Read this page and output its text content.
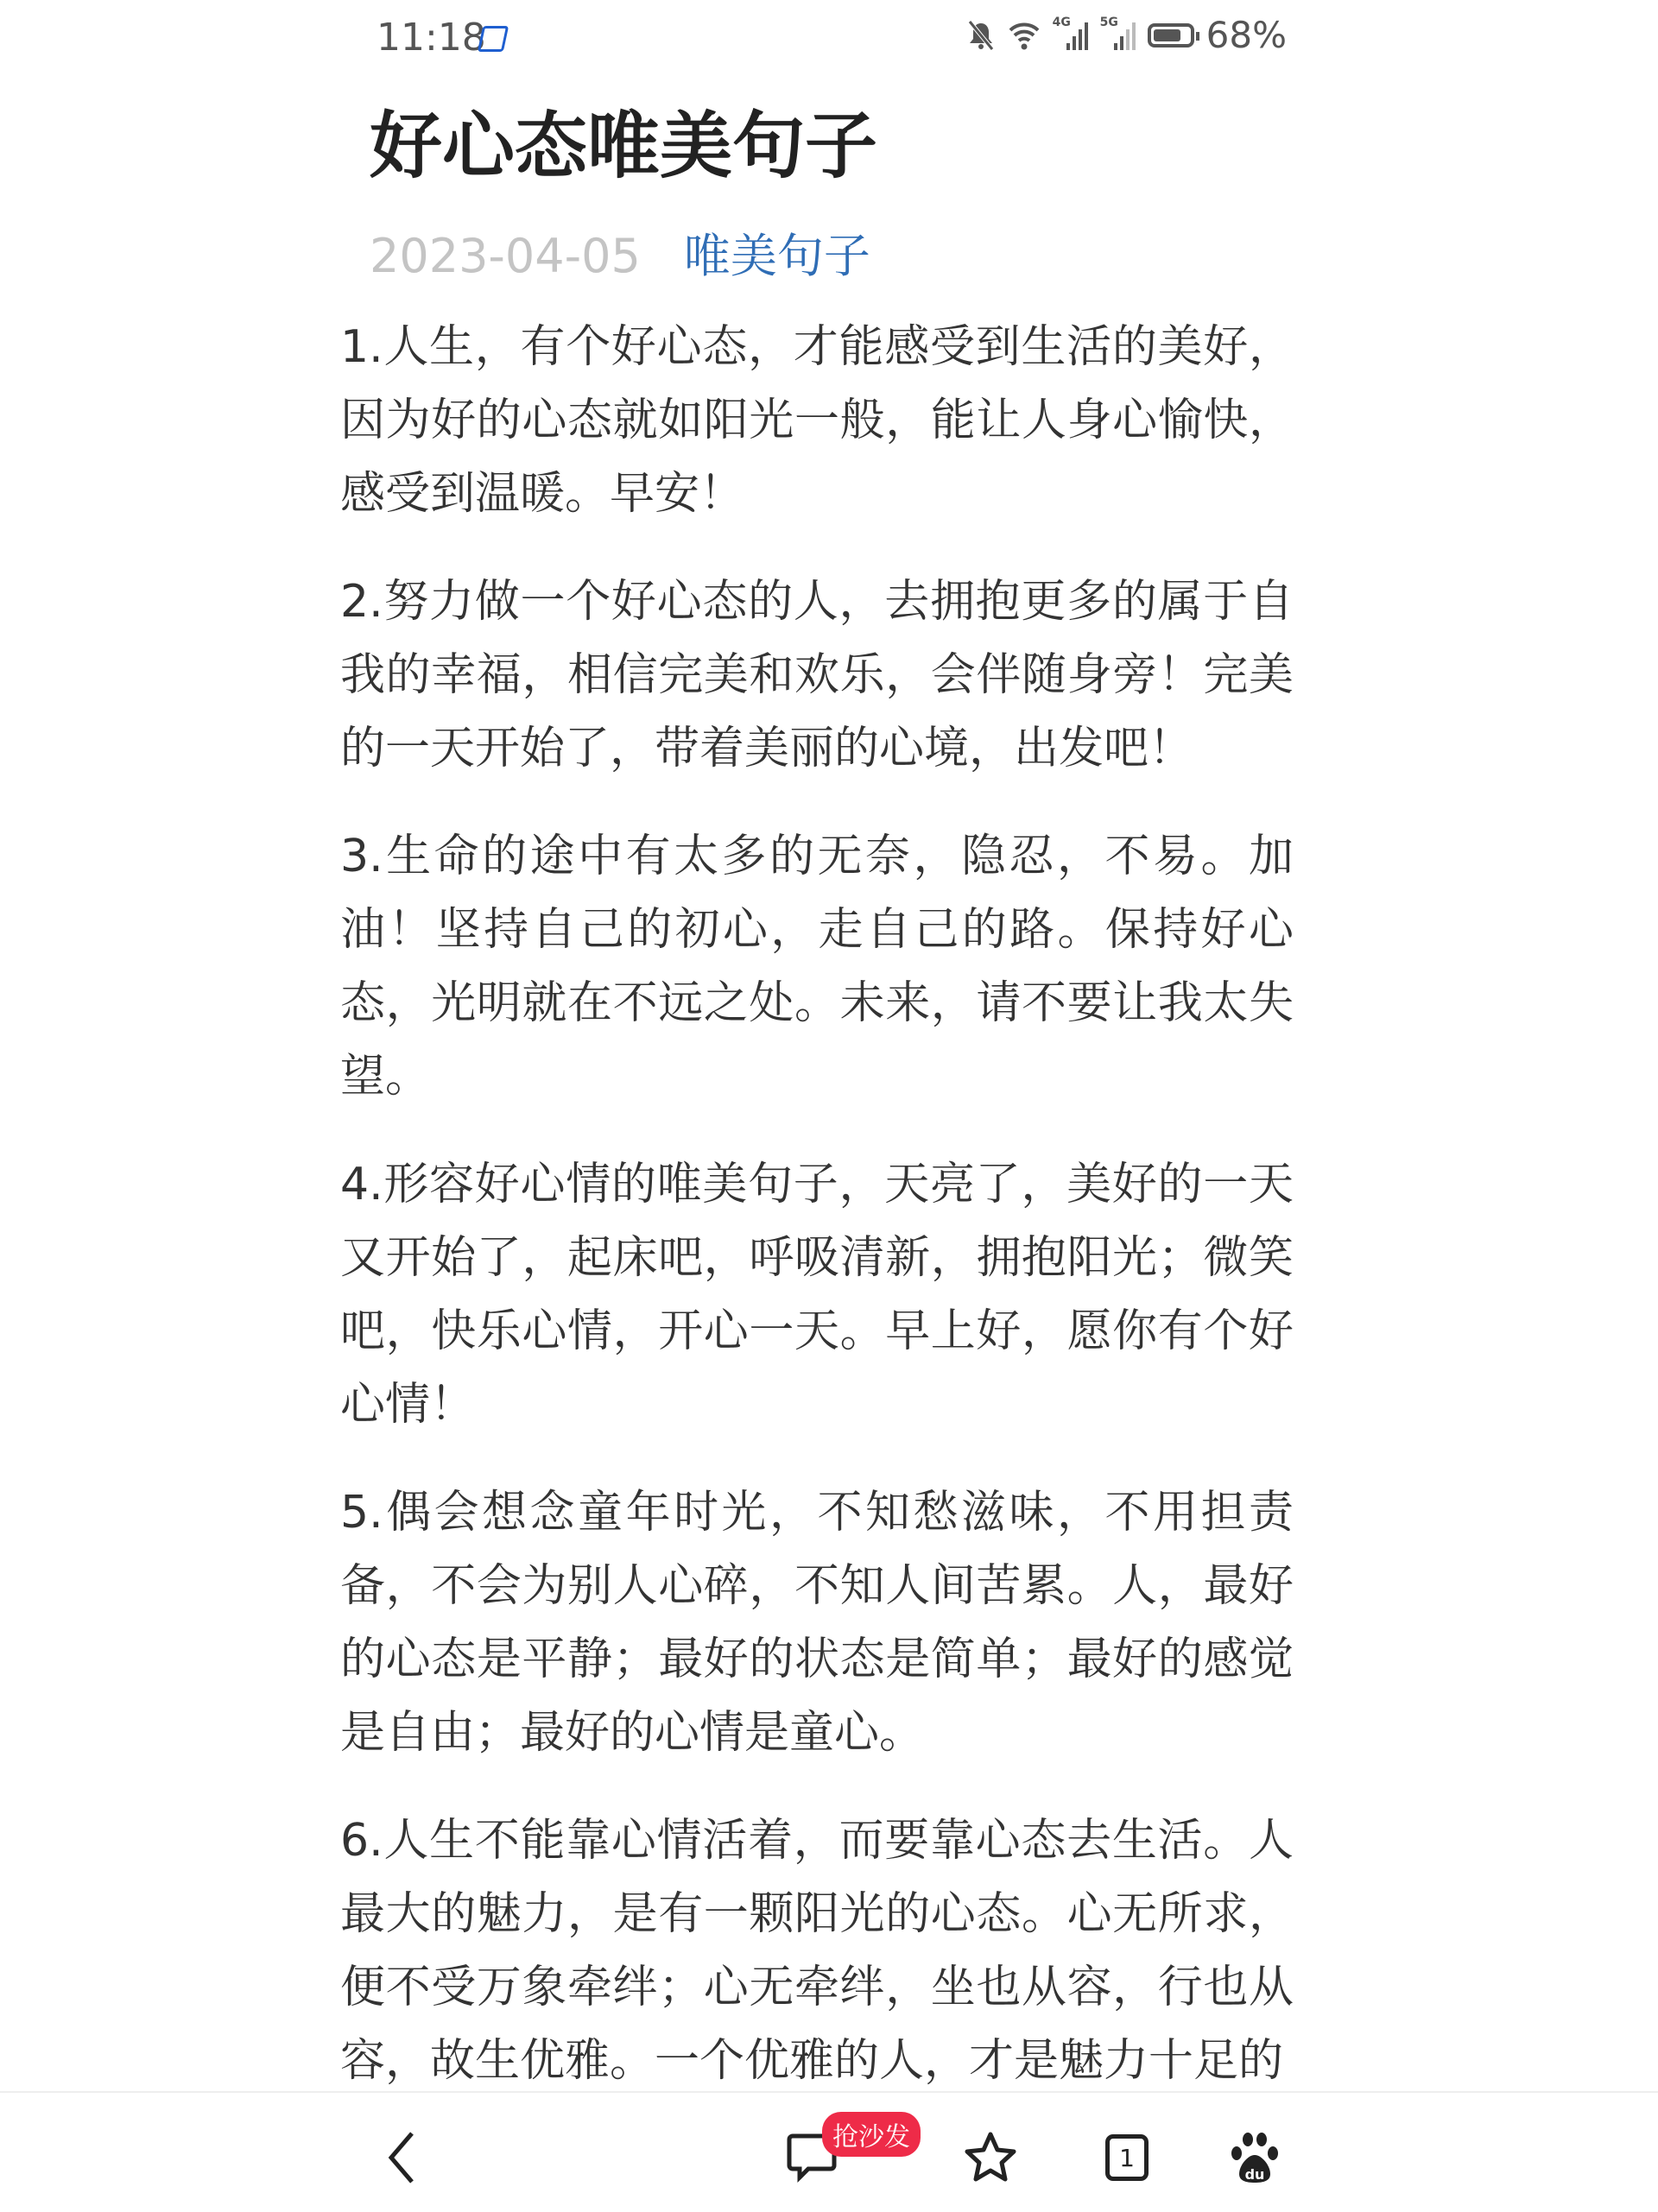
11:18	4G 5G 68%
好心态唯美句子
2023-04-05 唯美句子

1.人生，有个好心态，才能感受到生活的美好，因为好的心态就如阳光一般，能让人身心愉快，感受到温暖。早安！

2.努力做一个好心态的人，去拥抱更多的属于自我的幸福，相信完美和欢乐，会伴随身旁！完美的一天开始了，带着美丽的心境，出发吧！

3.生命的途中有太多的无奈，隐忍，不易。加油！坚持自己的初心，走自己的路。保持好心态，光明就在不远之处。未来，请不要让我太失望。

4.形容好心情的唯美句子，天亮了，美好的一天又开始了，起床吧，呼吸清新，拥抱阳光；微笑吧，快乐心情，开心一天。早上好，愿你有个好心情！

5.偶会想念童年时光，不知愁滋味，不用担责备，不会为别人心碎，不知人间苦累。人，最好的心态是平静；最好的状态是简单；最好的感觉是自由；最好的心情是童心。

6.人生不能靠心情活着，而要靠心态去生活。人最大的魅力，是有一颗阳光的心态。心无所求，便不受万象牵绊；心无牵绊，坐也从容，行也从容，故生优雅。一个优雅的人，才是魅力十足的

抢沙发
1
du
